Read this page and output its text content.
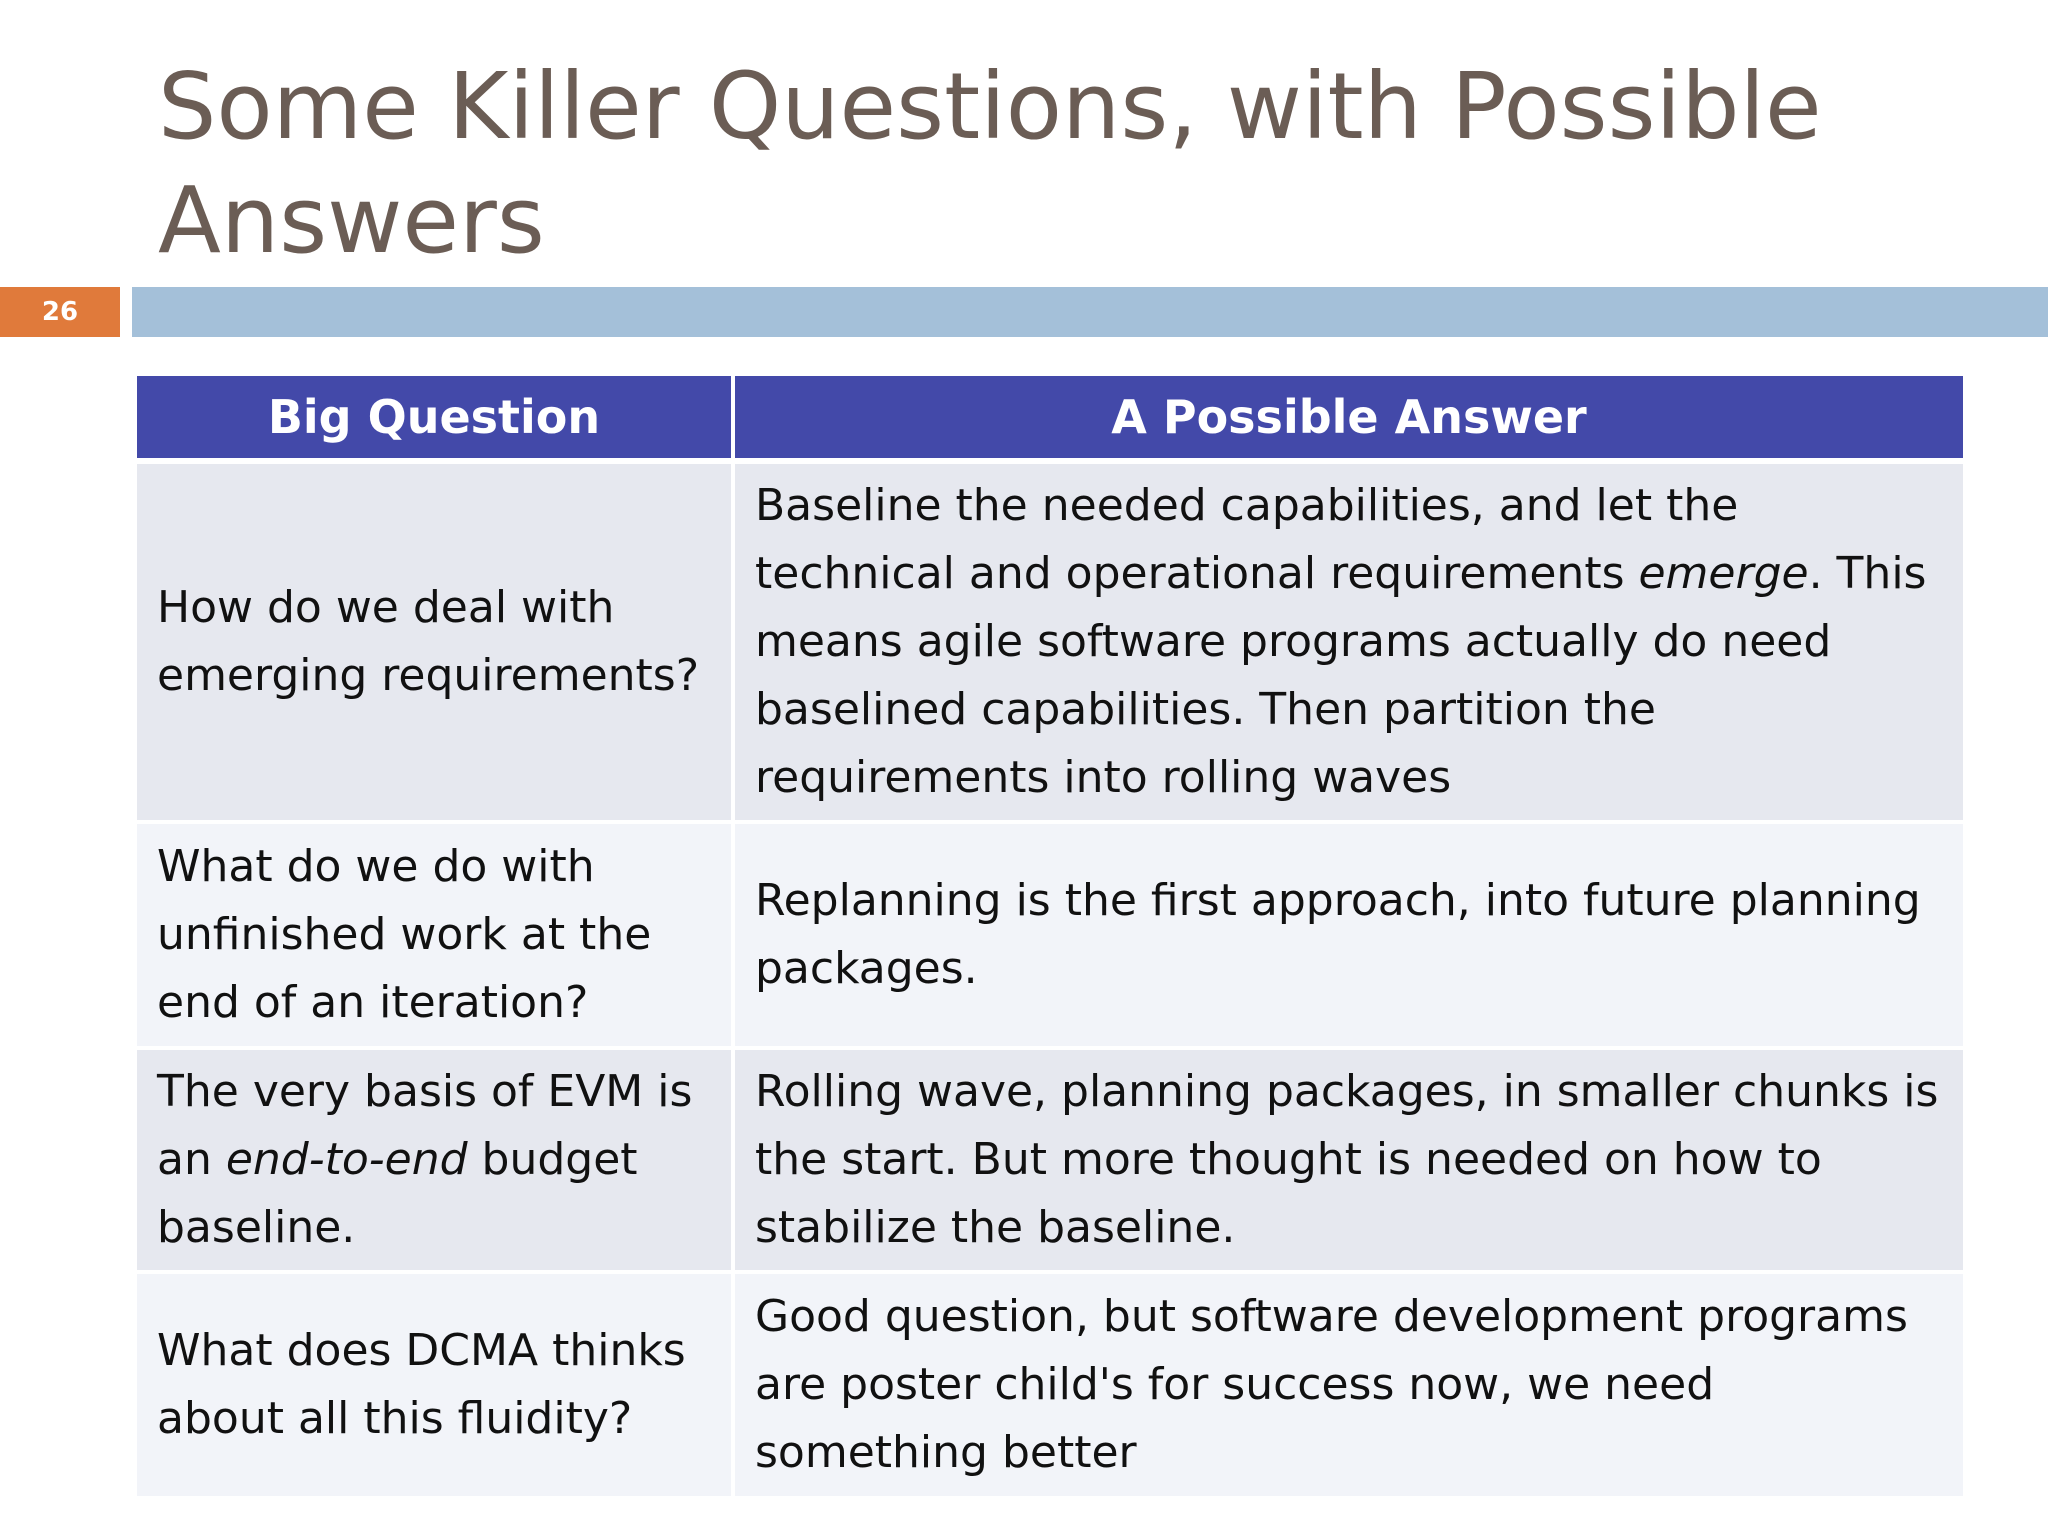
Some Killer Questions, with Possible Answers
26
Big Question	A Possible Answer
How do we deal with emerging requirements?	Baseline the needed capabilities, and let the technical and operational requirements emerge. This means agile software programs actually do need baselined capabilities. Then partition the requirements into rolling waves
What do we do with unfinished work at the end of an iteration?	Replanning is the first approach, into future planning packages.
The very basis of EVM is an end-to-end budget baseline.	Rolling wave, planning packages, in smaller chunks is the start. But more thought is needed on how to stabilize the baseline.
What does DCMA thinks about all this fluidity?	Good question, but software development programs are poster child's for success now, we need something better
